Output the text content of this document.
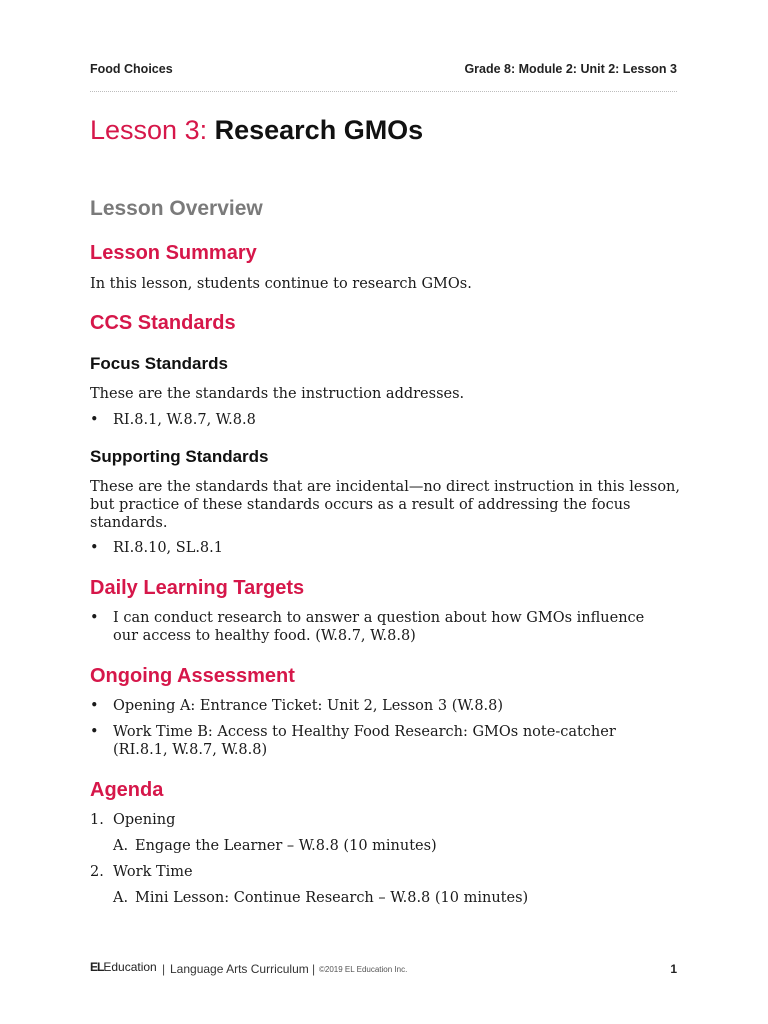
Food Choices	Grade 8: Module 2: Unit 2: Lesson 3
Lesson 3: Research GMOs
Lesson Overview
Lesson Summary

In this lesson, students continue to research GMOs.

CCS Standards
Focus Standards

These are the standards the instruction addresses.

• RI.8.1, W.8.7, W.8.8
Supporting Standards

These are the standards that are incidental—no direct instruction in this lesson, but practice of these standards occurs as a result of addressing the focus standards.

• RI.8.10, SL.8.1
Daily Learning Targets
• I can conduct research to answer a question about how GMOs influence our access to healthy food. (W.8.7, W.8.8)
Ongoing Assessment
• Opening A: Entrance Ticket: Unit 2, Lesson 3 (W.8.8)
• Work Time B: Access to Healthy Food Research: GMOs note-catcher (RI.8.1, W.8.7, W.8.8)
Agenda
1. Opening
A. Engage the Learner – W.8.8 (10 minutes)
2. Work Time
A. Mini Lesson: Continue Research – W.8.8 (10 minutes)
ELEducation | Language Arts Curriculum | ©2019 EL Education Inc.	1
